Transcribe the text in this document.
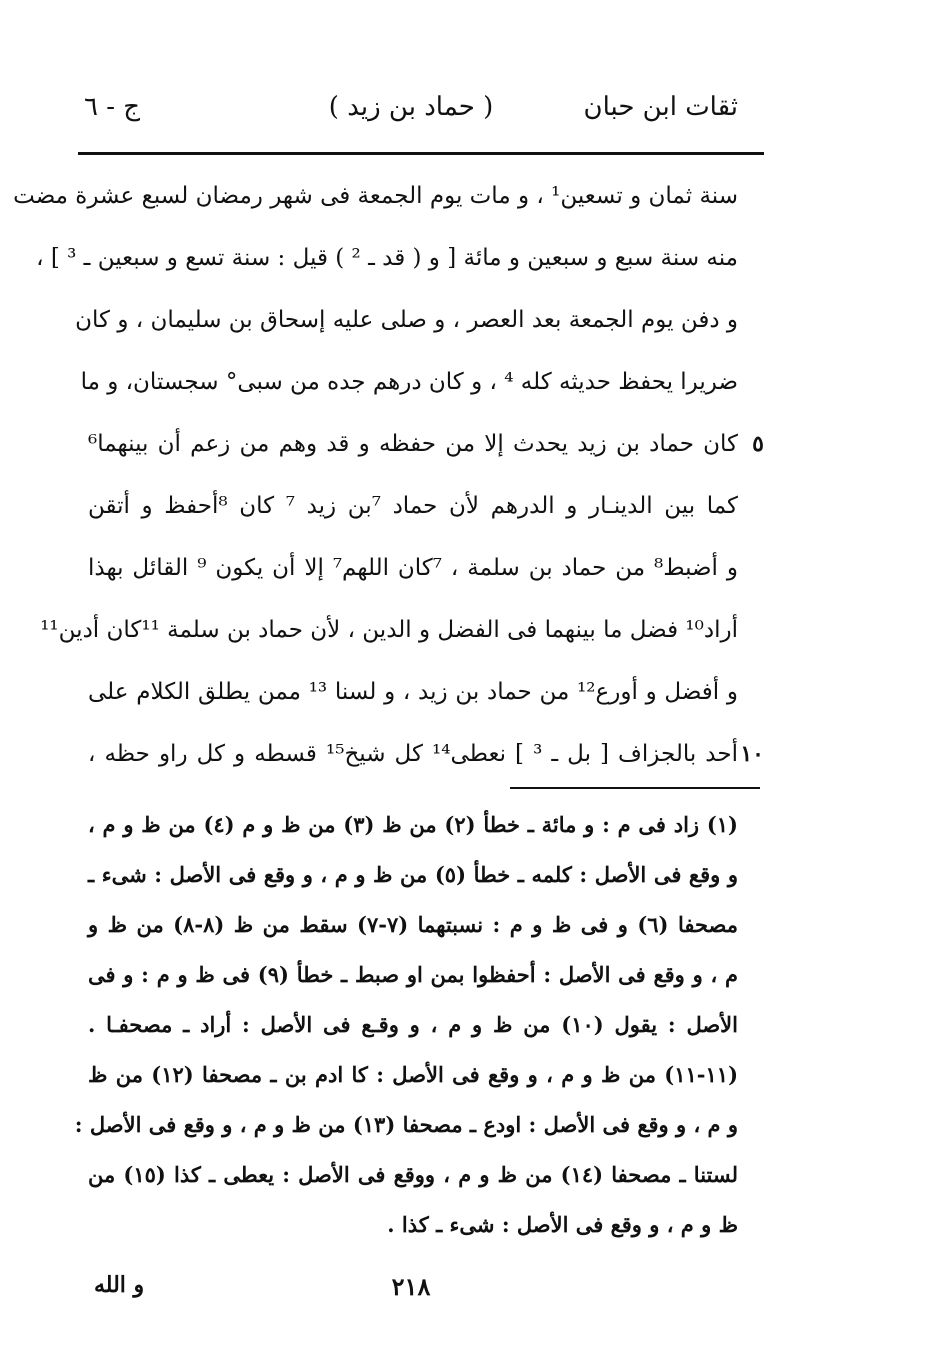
ثقات ابن حبان
( حماد بن زيد )
ج - ٦
سنة ثمان و تسعين¹ ، و مات يوم الجمعة فى شهر رمضان لسبع عشرة مضت
منه سنة سبع و سبعين و مائة [ و ( قد ـ ² ) قيل : سنة تسع و سبعين ـ ³ ] ،
و دفن يوم الجمعة بعد العصر ، و صلى عليه إسحاق بن سليمان ، و كان
ضريرا يحفظ حديثه كله ⁴ ، و كان درهم جده من سبى° سجستان، و ما
٥
كان حماد بن زيد يحدث إلا من حفظه و قد وهم من زعم أن بينهما⁶
كما بين الدينـار و الدرهم لأن حماد ⁷بن زيد ⁷ كان ⁸أحفظ و أتقن
و أضبط⁸ من حماد بن سلمة ، ⁷كان اللهم⁷ إلا أن يكون ⁹ القائل بهذا
أراد¹⁰ فضل ما بينهما فى الفضل و الدين ، لأن حماد بن سلمة ¹¹كان أدين¹¹
و أفضل و أورع¹² من حماد بن زيد ، و لسنا ¹³ ممن يطلق الكلام على
١٠
أحد بالجزاف [ بل ـ ³ ] نعطى¹⁴ كل شيخ¹⁵ قسطه و كل راو حظه ،
(١) زاد فى م : و مائة ـ خطأ (٢) من ظ (٣) من ظ و م (٤) من ظ و م ،
و وقع فى الأصل : كلمه ـ خطأ (٥) من ظ و م ، و وقع فى الأصل : شىء ـ
مصحفا (٦) و فى ظ و م : نسبتهما (٧-٧) سقط من ظ (٨-٨) من ظ و
م ، و وقع فى الأصل : أحفظوا بمن او صبط ـ خطأ (٩) فى ظ و م : و فى
الأصل : يقول (١٠) من ظ و م ، و وقـع فى الأصل : أراد ـ مصحفـا .
(١١-١١) من ظ و م ، و وقع فى الأصل : كا ادم بن ـ مصحفا (١٢) من ظ
و م ، و وقع فى الأصل : اودع ـ مصحفا (١٣) من ظ و م ، و وقع فى الأصل :
لستنا ـ مصحفا (١٤) من ظ و م ، ووقع فى الأصل : يعطى ـ كذا (١٥) من
ظ و م ، و وقع فى الأصل : شىء ـ كذا .
٢١٨
و الله
